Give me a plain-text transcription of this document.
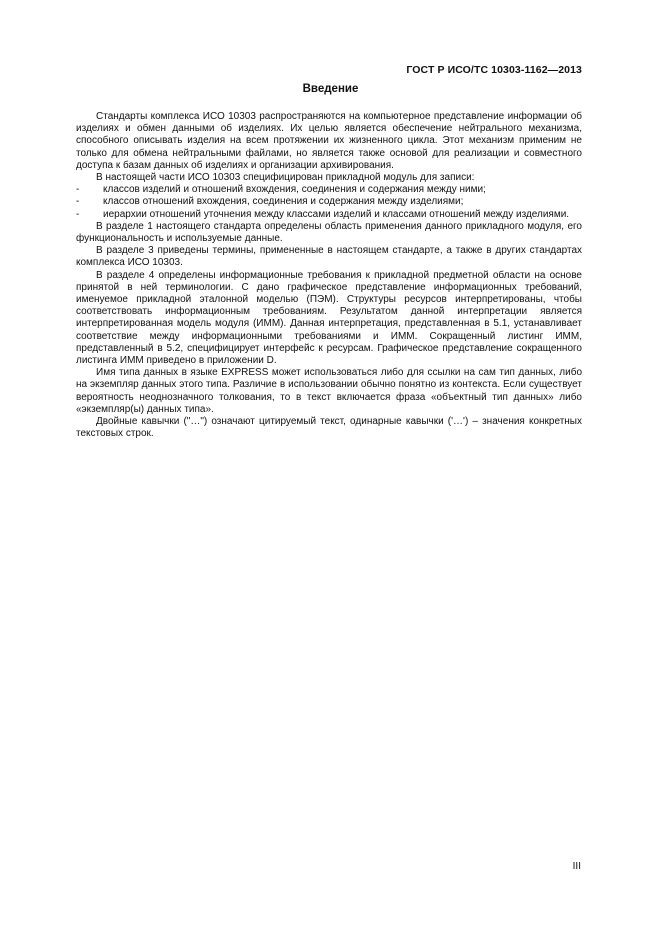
ГОСТ Р ИСО/ТС 10303-1162—2013
Введение

Стандарты комплекса ИСО 10303 распространяются на компьютерное представление информации об изделиях и обмен данными об изделиях. Их целью является обеспечение нейтрального механизма, способного описывать изделия на всем протяжении их жизненного цикла. Этот механизм применим не только для обмена нейтральными файлами, но является также основой для реализации и совместного доступа к базам данных об изделиях и организации архивирования.

В настоящей части ИСО 10303 специфицирован прикладной модуль для записи:

-	классов изделий и отношений вхождения, соединения и содержания между ними;
-	классов отношений вхождения, соединения и содержания между изделиями;

- иерархии отношений уточнения между классами изделий и классами отношений между изделиями.

В разделе 1 настоящего стандарта определены область применения данного прикладного модуля, его функциональность и используемые данные.

В разделе 3 приведены термины, примененные в настоящем стандарте, а также в других стандартах комплекса ИСО 10303.

В разделе 4 определены информационные требования к прикладной предметной области на основе принятой в ней терминологии. С дано графическое представление информационных требований, именуемое прикладной эталонной моделью (ПЭМ). Структуры ресурсов интерпретированы, чтобы соответствовать информационным требованиям. Результатом данной интерпретации является интерпретированная модель модуля (ИММ). Данная интерпретация, представленная в 5.1, устанавливает соответствие между информационными требованиями и ИММ. Сокращенный листинг ИММ, представленный в 5.2, специфицирует интерфейс к ресурсам. Графическое представление сокращенного листинга ИММ приведено в приложении D.

Имя типа данных в языке EXPRESS может использоваться либо для ссылки на сам тип данных, либо на экземпляр данных этого типа. Различие в использовании обычно понятно из контекста. Если существует вероятность неоднозначного толкования, то в текст включается фраза «объектный тип данных» либо «экземпляр(ы) данных типа».

Двойные кавычки ("…") означают цитируемый текст, одинарные кавычки ('…') – значения конкретных текстовых строк.

III
